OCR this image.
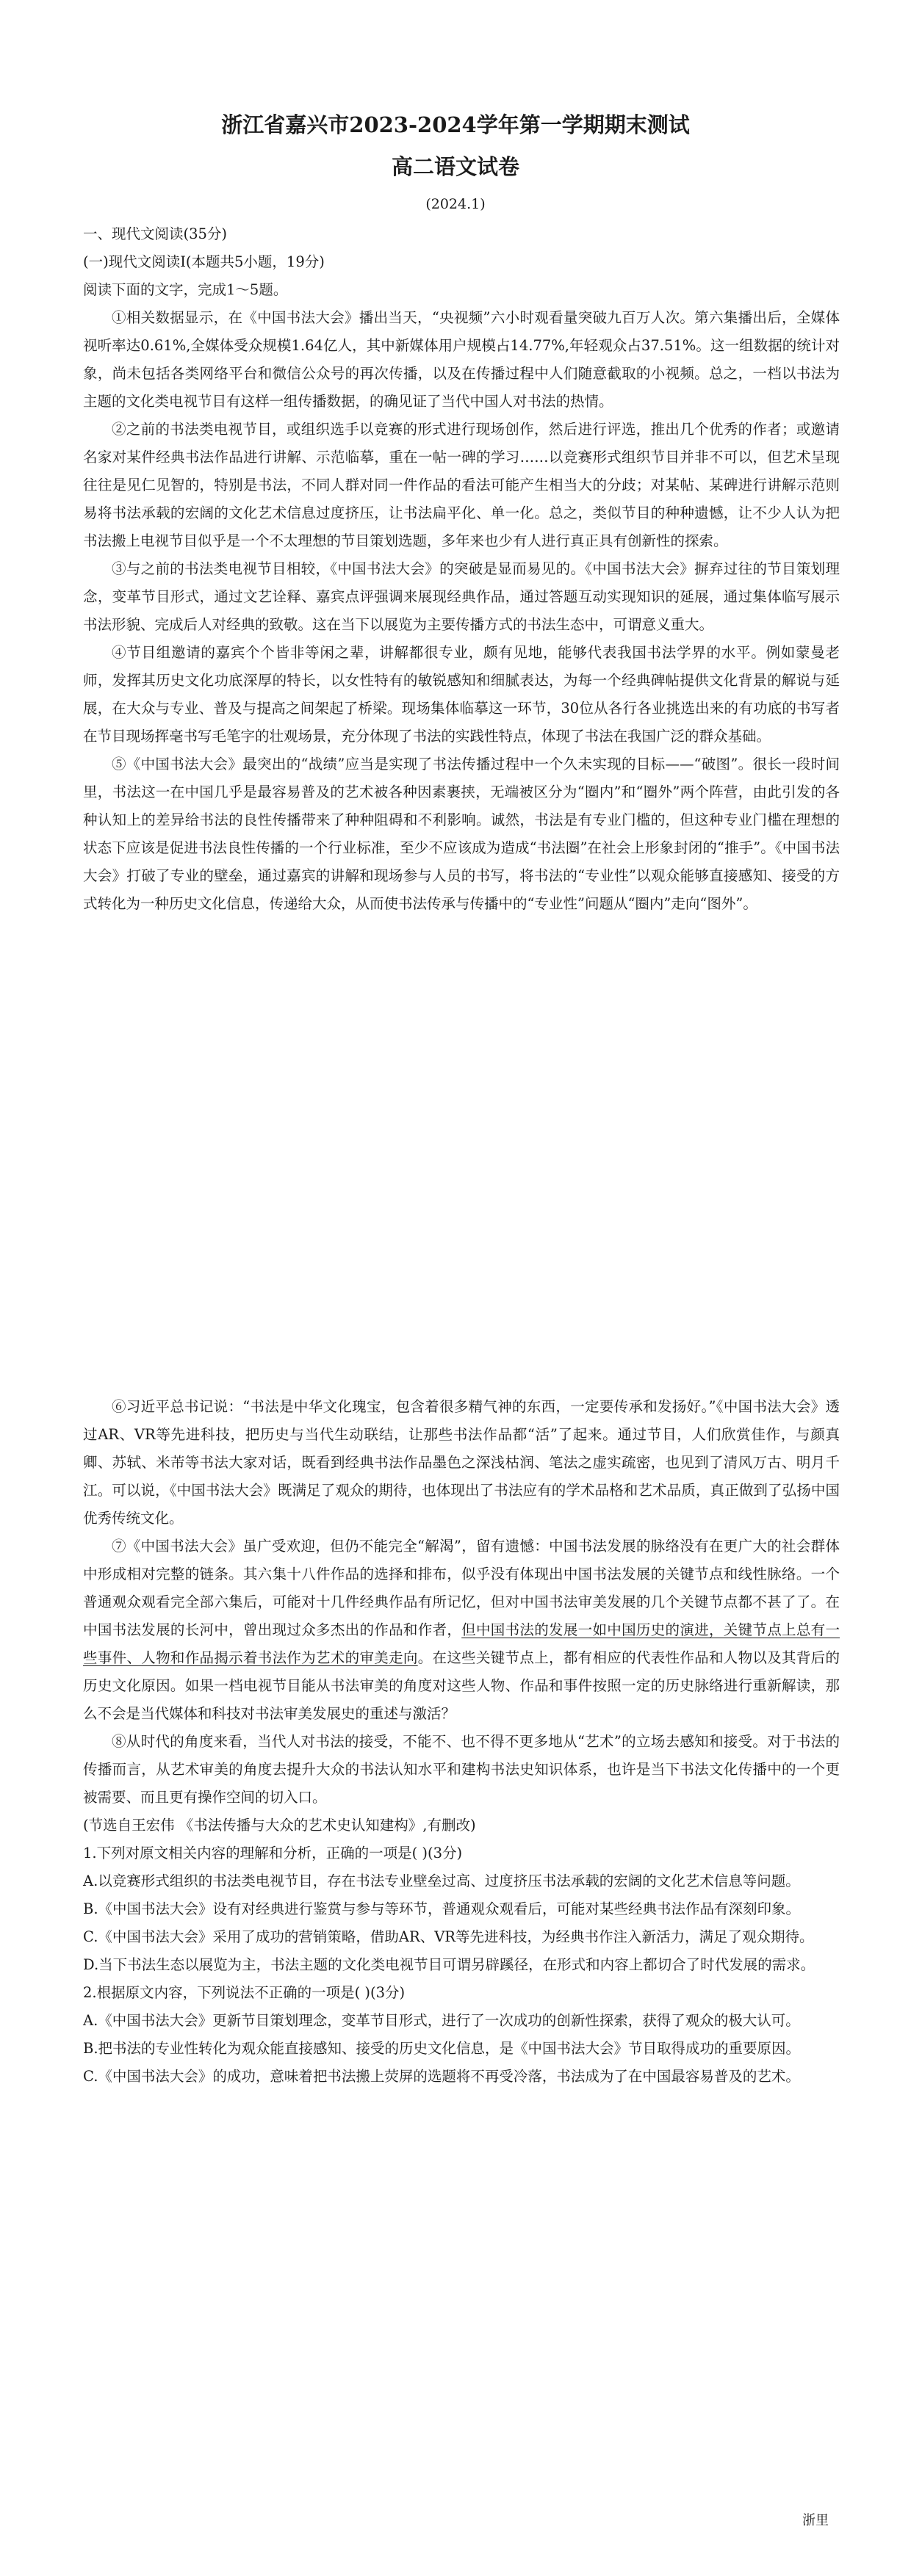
浙江省嘉兴市2023-2024学年第一学期期末测试
高二语文试卷
(2024.1)
一、现代文阅读(35分)
(一)现代文阅读Ⅰ(本题共5小题，19分)
阅读下面的文字，完成1～5题。

①相关数据显示，在《中国书法大会》播出当天，“央视频”六小时观看量突破九百万人次。第六集播出后，全媒体视听率达0.61%,全媒体受众规模1.64亿人，其中新媒体用户规模占14.77%,年轻观众占37.51%。这一组数据的统计对象，尚未包括各类网络平台和微信公众号的再次传播，以及在传播过程中人们随意截取的小视频。总之，一档以书法为主题的文化类电视节目有这样一组传播数据，的确见证了当代中国人对书法的热情。

②之前的书法类电视节目，或组织选手以竞赛的形式进行现场创作，然后进行评选，推出几个优秀的作者；或邀请名家对某件经典书法作品进行讲解、示范临摹，重在一帖一碑的学习……以竞赛形式组织节目并非不可以，但艺术呈现往往是见仁见智的，特别是书法，不同人群对同一件作品的看法可能产生相当大的分歧；对某帖、某碑进行讲解示范则易将书法承载的宏阔的文化艺术信息过度挤压，让书法扁平化、单一化。总之，类似节目的种种遗憾，让不少人认为把书法搬上电视节目似乎是一个不太理想的节目策划选题，多年来也少有人进行真正具有创新性的探索。

③与之前的书法类电视节目相较，《中国书法大会》的突破是显而易见的。《中国书法大会》摒弃过往的节目策划理念，变革节目形式，通过文艺诠释、嘉宾点评强调来展现经典作品，通过答题互动实现知识的延展，通过集体临写展示书法形貌、完成后人对经典的致敬。这在当下以展览为主要传播方式的书法生态中，可谓意义重大。

④节目组邀请的嘉宾个个皆非等闲之辈，讲解都很专业，颇有见地，能够代表我国书法学界的水平。例如蒙曼老师，发挥其历史文化功底深厚的特长，以女性特有的敏锐感知和细腻表达，为每一个经典碑帖提供文化背景的解说与延展，在大众与专业、普及与提高之间架起了桥梁。现场集体临摹这一环节，30位从各行各业挑选出来的有功底的书写者在节目现场挥毫书写毛笔字的壮观场景，充分体现了书法的实践性特点，体现了书法在我国广泛的群众基础。

⑤《中国书法大会》最突出的“战绩”应当是实现了书法传播过程中一个久未实现的目标——“破图”。很长一段时间里，书法这一在中国几乎是最容易普及的艺术被各种因素裹挟，无端被区分为“圈内”和“圈外”两个阵营，由此引发的各种认知上的差异给书法的良性传播带来了种种阻碍和不利影响。诚然，书法是有专业门槛的，但这种专业门槛在理想的状态下应该是促进书法良性传播的一个行业标准，至少不应该成为造成“书法圈”在社会上形象封闭的“推手”。《中国书法大会》打破了专业的壁垒，通过嘉宾的讲解和现场参与人员的书写，将书法的“专业性”以观众能够直接感知、接受的方式转化为一种历史文化信息，传递给大众，从而使书法传承与传播中的“专业性”问题从“圈内”走向“图外”。

⑥习近平总书记说：“书法是中华文化瑰宝，包含着很多精气神的东西，一定要传承和发扬好。”《中国书法大会》透过AR、VR等先进科技，把历史与当代生动联结，让那些书法作品都“活”了起来。通过节目，人们欣赏佳作，与颜真卿、苏轼、米芾等书法大家对话，既看到经典书法作品墨色之深浅枯润、笔法之虚实疏密，也见到了清风万古、明月千江。可以说，《中国书法大会》既满足了观众的期待，也体现出了书法应有的学术品格和艺术品质，真正做到了弘扬中国优秀传统文化。

⑦《中国书法大会》虽广受欢迎，但仍不能完全“解渴”，留有遗憾：中国书法发展的脉络没有在更广大的社会群体中形成相对完整的链条。其六集十八件作品的选择和排布，似乎没有体现出中国书法发展的关键节点和线性脉络。一个普通观众观看完全部六集后，可能对十几件经典作品有所记忆，但对中国书法审美发展的几个关键节点都不甚了了。在中国书法发展的长河中，曾出现过众多杰出的作品和作者，但中国书法的发展一如中国历史的演进，关键节点上总有一些事件、人物和作品揭示着书法作为艺术的审美走向。在这些关键节点上，都有相应的代表性作品和人物以及其背后的历史文化原因。如果一档电视节目能从书法审美的角度对这些人物、作品和事件按照一定的历史脉络进行重新解读，那么不会是当代媒体和科技对书法审美发展史的重述与激活？

⑧从时代的角度来看，当代人对书法的接受，不能不、也不得不更多地从“艺术”的立场去感知和接受。对于书法的传播而言，从艺术审美的角度去提升大众的书法认知水平和建构书法史知识体系，也许是当下书法文化传播中的一个更被需要、而且更有操作空间的切入口。

(节选自王宏伟 《书法传播与大众的艺术史认知建构》,有删改)
1.下列对原文相关内容的理解和分析，正确的一项是( )(3分)

A.以竞赛形式组织的书法类电视节目，存在书法专业壁垒过高、过度挤压书法承载的宏阔的文化艺术信息等问题。

B.《中国书法大会》设有对经典进行鉴赏与参与等环节，普通观众观看后，可能对某些经典书法作品有深刻印象。

C.《中国书法大会》采用了成功的营销策略，借助AR、VR等先进科技，为经典书作注入新活力，满足了观众期待。

D.当下书法生态以展览为主，书法主题的文化类电视节目可谓另辟蹊径，在形式和内容上都切合了时代发展的需求。

2.根据原文内容，下列说法不正确的一项是( )(3分)

A.《中国书法大会》更新节目策划理念，变革节目形式，进行了一次成功的创新性探索，获得了观众的极大认可。

B.把书法的专业性转化为观众能直接感知、接受的历史文化信息，是《中国书法大会》节目取得成功的重要原因。

C.《中国书法大会》的成功，意味着把书法搬上荧屏的选题将不再受冷落，书法成为了在中国最容易普及的艺术。

浙里
